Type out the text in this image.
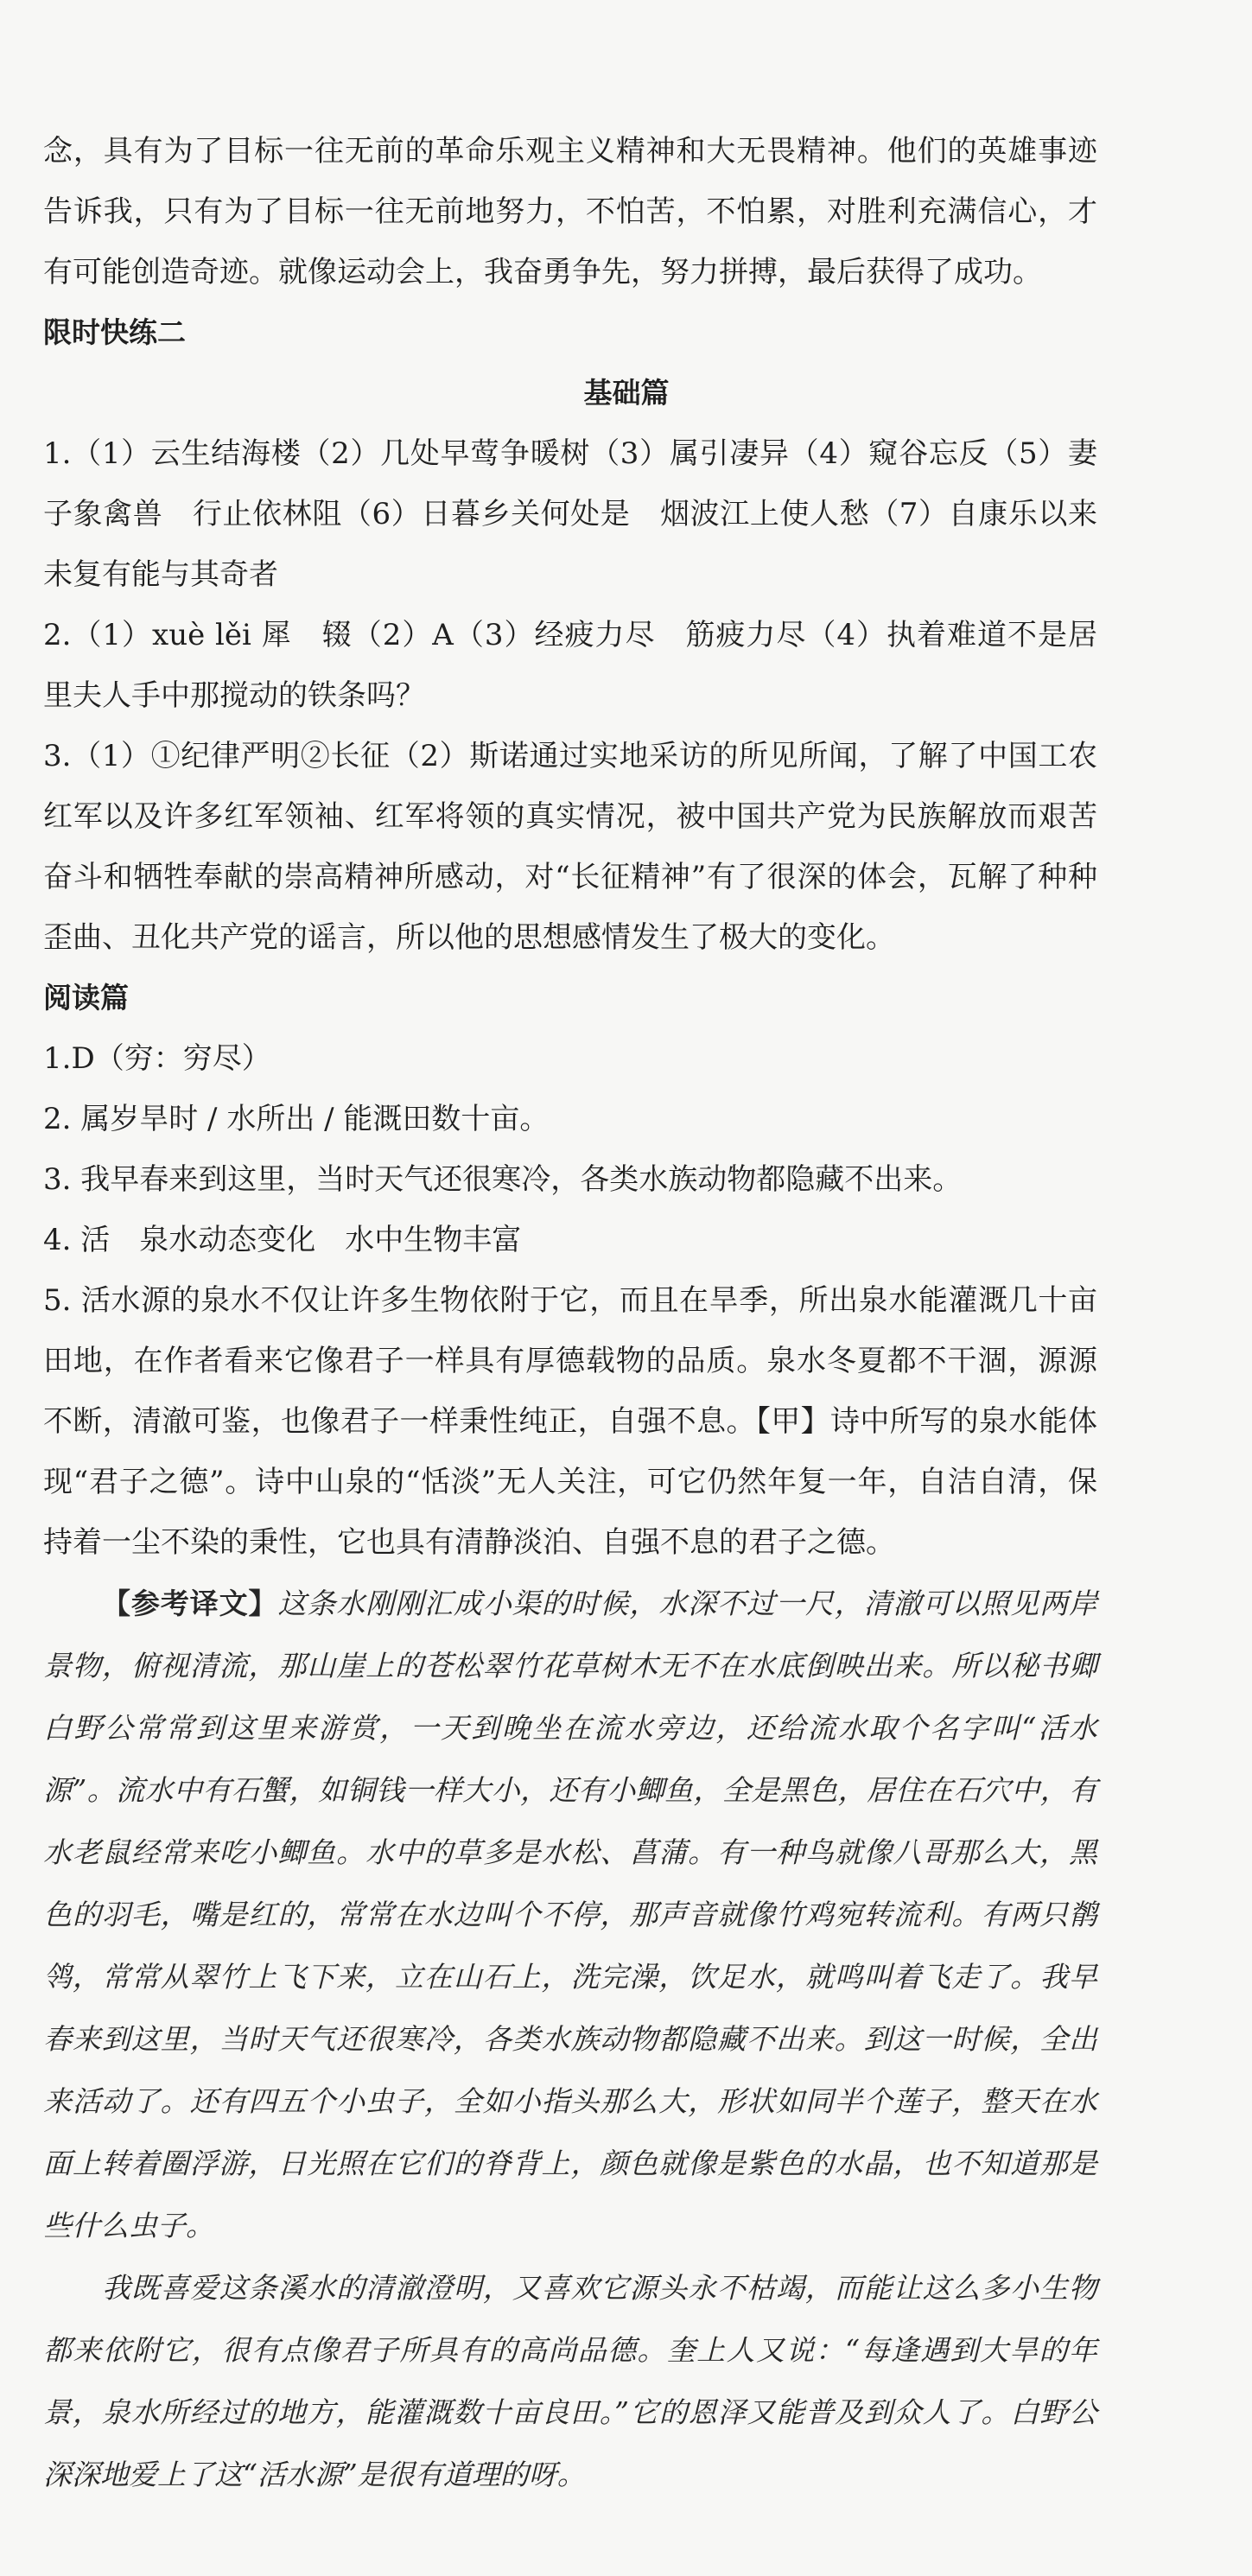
念，具有为了目标一往无前的革命乐观主义精神和大无畏精神。他们的英雄事迹告诉我，只有为了目标一往无前地努力，不怕苦，不怕累，对胜利充满信心，才有可能创造奇迹。就像运动会上，我奋勇争先，努力拼搏，最后获得了成功。

限时快练二

基础篇

1.（1）云生结海楼（2）几处早莺争暖树（3）属引凄异（4）窥谷忘反（5）妻子象禽兽　行止依林阻（6）日暮乡关何处是　烟波江上使人愁（7）自康乐以来　未复有能与其奇者

2.（1）xuè lěi 犀　辍（2）A（3）经疲力尽　筋疲力尽（4）执着难道不是居里夫人手中那搅动的铁条吗？

3.（1）①纪律严明②长征（2）斯诺通过实地采访的所见所闻，了解了中国工农红军以及许多红军领袖、红军将领的真实情况，被中国共产党为民族解放而艰苦奋斗和牺牲奉献的崇高精神所感动，对“长征精神”有了很深的体会，瓦解了种种歪曲、丑化共产党的谣言，所以他的思想感情发生了极大的变化。

阅读篇

1.D（穷：穷尽）

2. 属岁旱时 / 水所出 / 能溉田数十亩。

3. 我早春来到这里，当时天气还很寒冷，各类水族动物都隐藏不出来。

4. 活　泉水动态变化　水中生物丰富

5. 活水源的泉水不仅让许多生物依附于它，而且在旱季，所出泉水能灌溉几十亩田地，在作者看来它像君子一样具有厚德载物的品质。泉水冬夏都不干涸，源源不断，清澈可鉴，也像君子一样秉性纯正，自强不息。【甲】诗中所写的泉水能体现“君子之德”。诗中山泉的“恬淡”无人关注，可它仍然年复一年，自洁自清，保持着一尘不染的秉性，它也具有清静淡泊、自强不息的君子之德。

【参考译文】这条水刚刚汇成小渠的时候，水深不过一尺，清澈可以照见两岸景物，俯视清流，那山崖上的苍松翠竹花草树木无不在水底倒映出来。所以秘书卿白野公常常到这里来游赏，一天到晚坐在流水旁边，还给流水取个名字叫“活水源”。流水中有石蟹，如铜钱一样大小，还有小鲫鱼，全是黑色，居住在石穴中，有水老鼠经常来吃小鲫鱼。水中的草多是水松、菖蒲。有一种鸟就像八哥那么大，黑色的羽毛，嘴是红的，常常在水边叫个不停，那声音就像竹鸡宛转流利。有两只鹡鸰，常常从翠竹上飞下来，立在山石上，洗完澡，饮足水，就鸣叫着飞走了。我早春来到这里，当时天气还很寒冷，各类水族动物都隐藏不出来。到这一时候，全出来活动了。还有四五个小虫子，全如小指头那么大，形状如同半个莲子，整天在水面上转着圈浮游，日光照在它们的脊背上，颜色就像是紫色的水晶，也不知道那是些什么虫子。

我既喜爱这条溪水的清澈澄明，又喜欢它源头永不枯竭，而能让这么多小生物都来依附它，很有点像君子所具有的高尚品德。奎上人又说：“每逢遇到大旱的年景，泉水所经过的地方，能灌溉数十亩良田。”它的恩泽又能普及到众人了。白野公深深地爱上了这“活水源”是很有道理的呀。
